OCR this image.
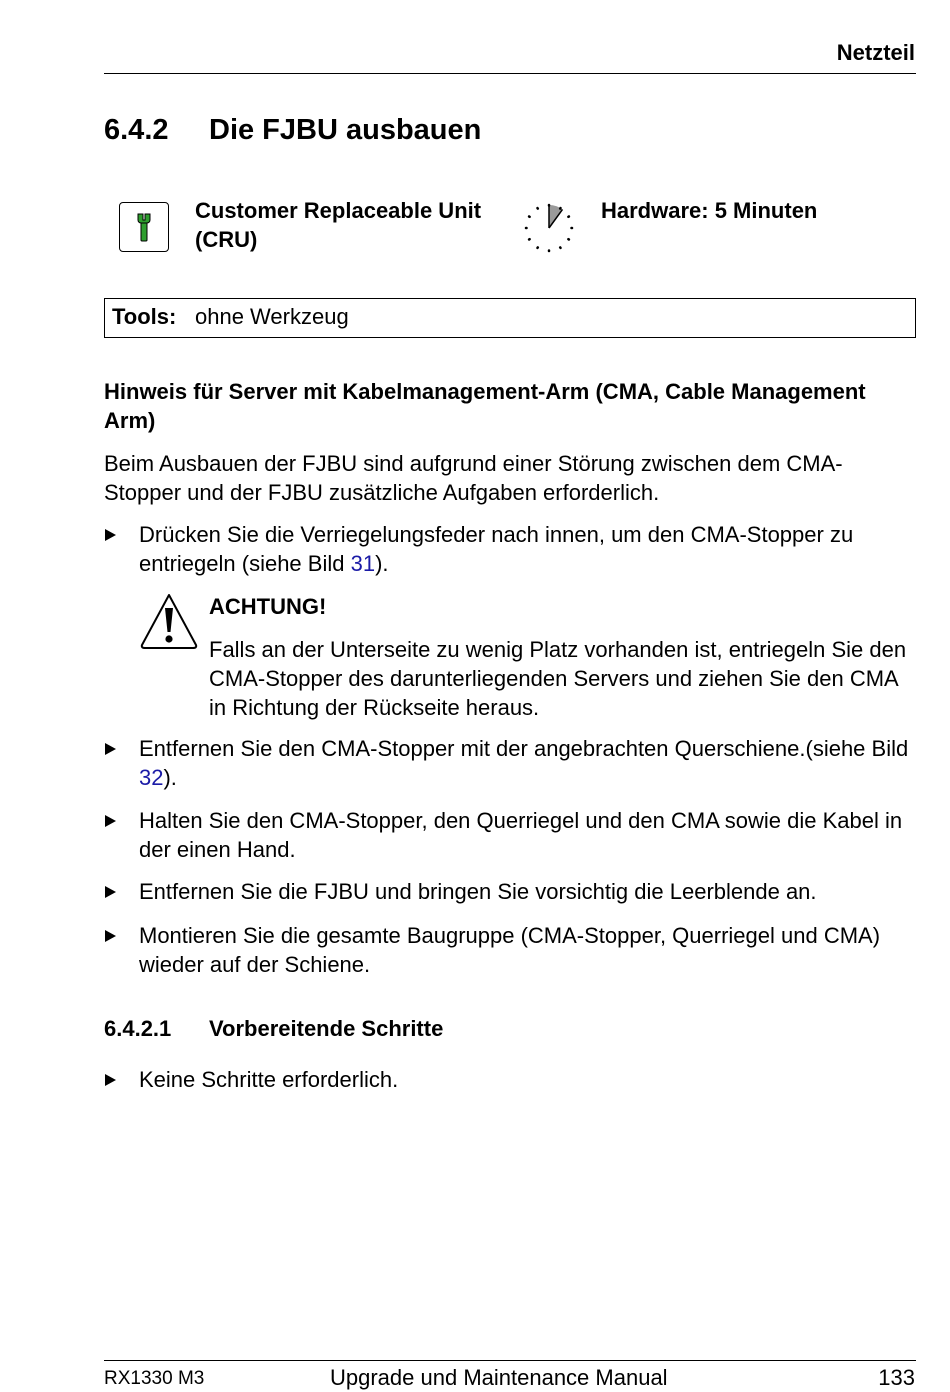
Netzteil
6.4.2 Die FJBU ausbauen
Customer Replaceable Unit
(CRU)
Hardware: 5 Minuten
Tools: ohne Werkzeug
Hinweis für Server mit Kabelmanagement-Arm (CMA, Cable Management Arm)
Beim Ausbauen der FJBU sind aufgrund einer Störung zwischen dem CMA-Stopper und der FJBU zusätzliche Aufgaben erforderlich.
Drücken Sie die Verriegelungsfeder nach innen, um den CMA-Stopper zu entriegeln (siehe Bild 31).
ACHTUNG!
Falls an der Unterseite zu wenig Platz vorhanden ist, entriegeln Sie den CMA-Stopper des darunterliegenden Servers und ziehen Sie den CMA in Richtung der Rückseite heraus.
Entfernen Sie den CMA-Stopper mit der angebrachten Querschiene.(siehe Bild 32).
Halten Sie den CMA-Stopper, den Querriegel und den CMA sowie die Kabel in der einen Hand.
Entfernen Sie die FJBU und bringen Sie vorsichtig die Leerblende an.
Montieren Sie die gesamte Baugruppe (CMA-Stopper, Querriegel und CMA) wieder auf der Schiene.
6.4.2.1 Vorbereitende Schritte
Keine Schritte erforderlich.
RX1330 M3	Upgrade und Maintenance Manual	133
